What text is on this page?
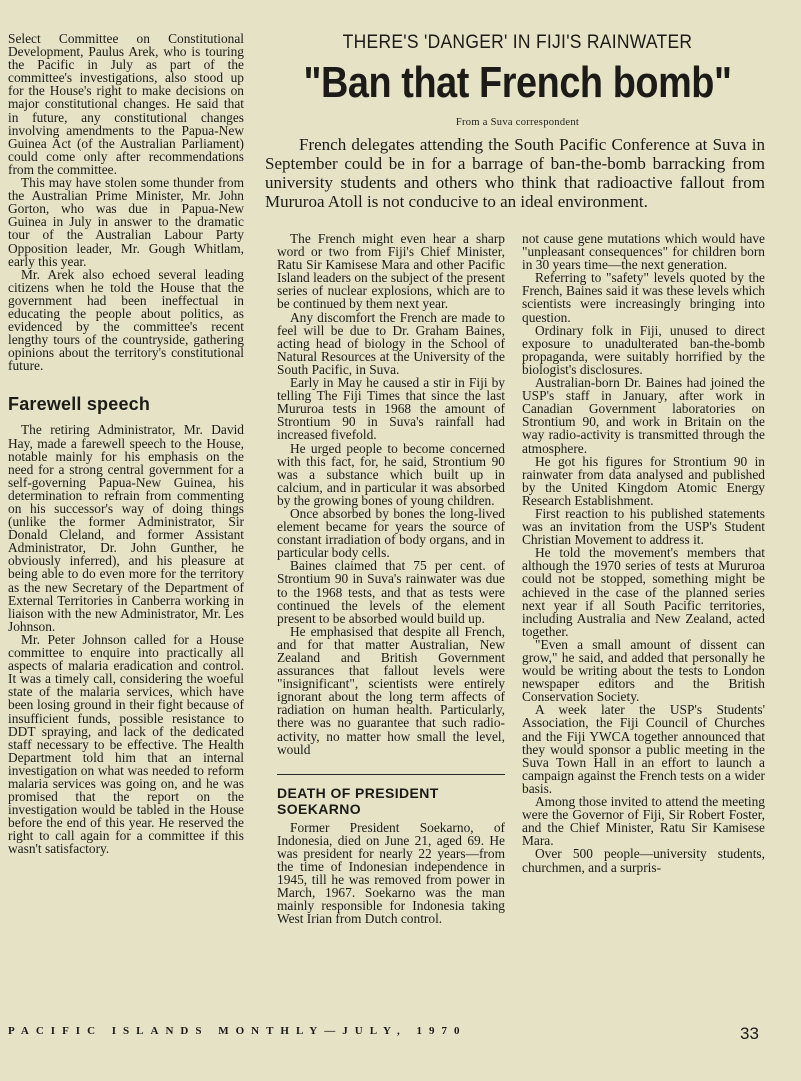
Select Committee on Constitutional Development, Paulus Arek, who is touring the Pacific in July as part of the committee's investigations, also stood up for the House's right to make decisions on major constitutional changes. He said that in future, any constitutional changes involving amendments to the Papua-New Guinea Act (of the Australian Parliament) could come only after recommendations from the committee.

This may have stolen some thunder from the Australian Prime Minister, Mr. John Gorton, who was due in Papua-New Guinea in July in answer to the dramatic tour of the Australian Labour Party Opposition leader, Mr. Gough Whitlam, early this year.

Mr. Arek also echoed several leading citizens when he told the House that the government had been ineffectual in educating the people about politics, as evidenced by the committee's recent lengthy tours of the countryside, gathering opinions about the territory's constitutional future.

Farewell speech

The retiring Administrator, Mr. David Hay, made a farewell speech to the House, notable mainly for his emphasis on the need for a strong central government for a self-governing Papua-New Guinea, his determination to refrain from commenting on his successor's way of doing things (unlike the former Administrator, Sir Donald Cleland, and former Assistant Administrator, Dr. John Gunther, he obviously inferred), and his pleasure at being able to do even more for the territory as the new Secretary of the Department of External Territories in Canberra working in liaison with the new Administrator, Mr. Les Johnson.

Mr. Peter Johnson called for a House committee to enquire into practically all aspects of malaria eradication and control. It was a timely call, considering the woeful state of the malaria services, which have been losing ground in their fight because of insufficient funds, possible resistance to DDT spraying, and lack of the dedicated staff necessary to be effective. The Health Department told him that an internal investigation on what was needed to reform malaria services was going on, and he was promised that the report on the investigation would be tabled in the House before the end of this year. He reserved the right to call again for a committee if this wasn't satisfactory.

THERE'S 'DANGER' IN FIJI'S RAINWATER
"Ban that French bomb"
From a Suva correspondent

French delegates attending the South Pacific Conference at Suva in September could be in for a barrage of ban-the-bomb barracking from university students and others who think that radioactive fallout from Mururoa Atoll is not conducive to an ideal environment.

The French might even hear a sharp word or two from Fiji's Chief Minister, Ratu Sir Kamisese Mara and other Pacific Island leaders on the subject of the present series of nuclear explosions, which are to be continued by them next year.

Any discomfort the French are made to feel will be due to Dr. Graham Baines, acting head of biology in the School of Natural Resources at the University of the South Pacific, in Suva.

Early in May he caused a stir in Fiji by telling The Fiji Times that since the last Mururoa tests in 1968 the amount of Strontium 90 in Suva's rainfall had increased fivefold.

He urged people to become concerned with this fact, for, he said, Strontium 90 was a substance which built up in calcium, and in particular it was absorbed by the growing bones of young children.

Once absorbed by bones the long-lived element became for years the source of constant irradiation of body organs, and in particular body cells.

Baines claimed that 75 per cent. of Strontium 90 in Suva's rainwater was due to the 1968 tests, and that as tests were continued the levels of the element present to be absorbed would build up.

He emphasised that despite all French, and for that matter Australian, New Zealand and British Government assurances that fallout levels were "insignificant", scientists were entirely ignorant about the long term affects of radiation on human health. Particularly, there was no guarantee that such radio-activity, no matter how small the level, would

DEATH OF PRESIDENT SOEKARNO

Former President Soekarno, of Indonesia, died on June 21, aged 69. He was president for nearly 22 years—from the time of Indonesian independence in 1945, till he was removed from power in March, 1967. Soekarno was the man mainly responsible for Indonesia taking West Irian from Dutch control.

not cause gene mutations which would have "unpleasant consequences" for children born in 30 years time—the next generation.

Referring to "safety" levels quoted by the French, Baines said it was these levels which scientists were increasingly bringing into question.

Ordinary folk in Fiji, unused to direct exposure to unadulterated ban-the-bomb propaganda, were suitably horrified by the biologist's disclosures.

Australian-born Dr. Baines had joined the USP's staff in January, after work in Canadian Government laboratories on Strontium 90, and work in Britain on the way radio-activity is transmitted through the atmosphere.

He got his figures for Strontium 90 in rainwater from data analysed and published by the United Kingdom Atomic Energy Research Establishment.

First reaction to his published statements was an invitation from the USP's Student Christian Movement to address it.

He told the movement's members that although the 1970 series of tests at Mururoa could not be stopped, something might be achieved in the case of the planned series next year if all South Pacific territories, including Australia and New Zealand, acted together.

"Even a small amount of dissent can grow," he said, and added that personally he would be writing about the tests to London newspaper editors and the British Conservation Society.

A week later the USP's Students' Association, the Fiji Council of Churches and the Fiji YWCA together announced that they would sponsor a public meeting in the Suva Town Hall in an effort to launch a campaign against the French tests on a wider basis.

Among those invited to attend the meeting were the Governor of Fiji, Sir Robert Foster, and the Chief Minister, Ratu Sir Kamisese Mara.

Over 500 people—university students, churchmen, and a surpris-

PACIFIC ISLANDS MONTHLY—JULY, 1970	33
